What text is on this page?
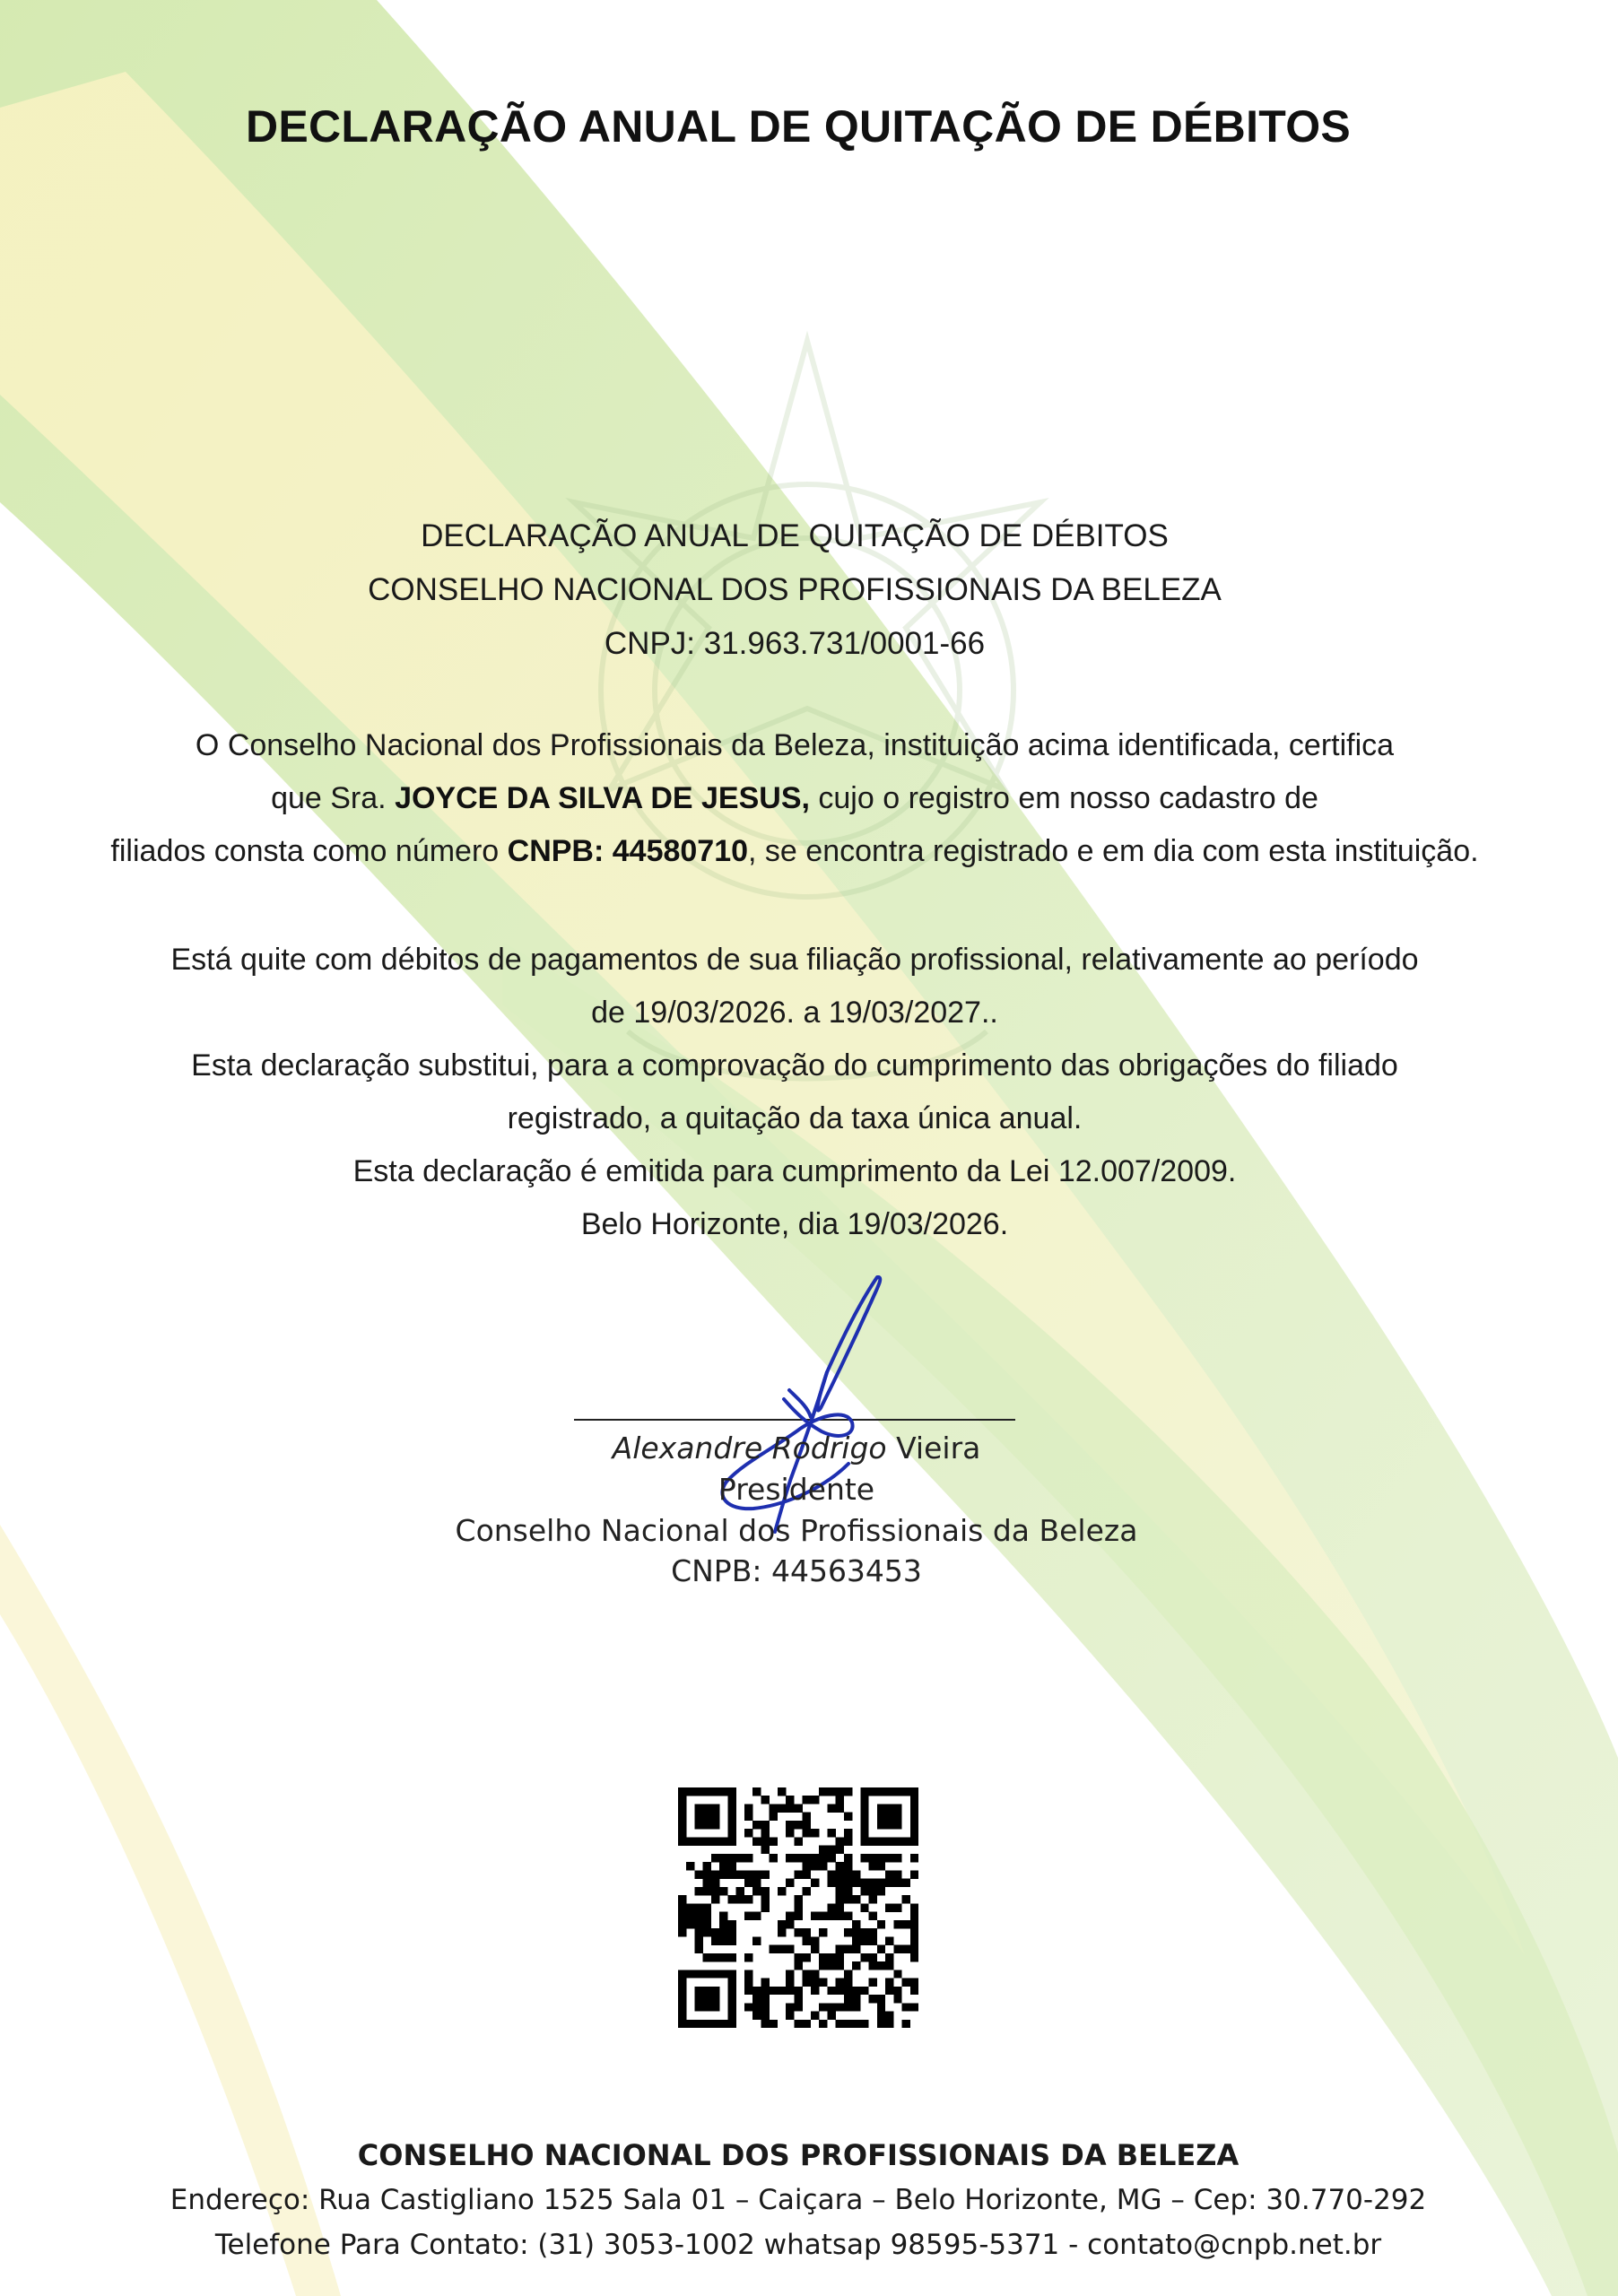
DECLARAÇÃO ANUAL DE QUITAÇÃO DE DÉBITOS
DECLARAÇÃO ANUAL DE QUITAÇÃO DE DÉBITOS
CONSELHO NACIONAL DOS PROFISSIONAIS DA BELEZA
CNPJ: 31.963.731/0001-66
O Conselho Nacional dos Profissionais da Beleza, instituição acima identificada, certifica
que Sra. JOYCE DA SILVA DE JESUS, cujo o registro em nosso cadastro de
filiados consta como número CNPB: 44580710, se encontra registrado e em dia com esta instituição.
Está quite com débitos de pagamentos de sua filiação profissional, relativamente ao período
de 19/03/2026. a 19/03/2027..
Esta declaração substitui, para a comprovação do cumprimento das obrigações do filiado
registrado, a quitação da taxa única anual.
Esta declaração é emitida para cumprimento da Lei 12.007/2009.
Belo Horizonte, dia 19/03/2026.
Alexandre Rodrigo Vieira
Presidente
Conselho Nacional dos Profissionais da Beleza
CNPB: 44563453
CONSELHO NACIONAL DOS PROFISSIONAIS DA BELEZA
Endereço: Rua Castigliano 1525 Sala 01 – Caiçara – Belo Horizonte, MG – Cep: 30.770-292
Telefone Para Contato: (31) 3053-1002 whatsap 98595-5371 - contato@cnpb.net.br
